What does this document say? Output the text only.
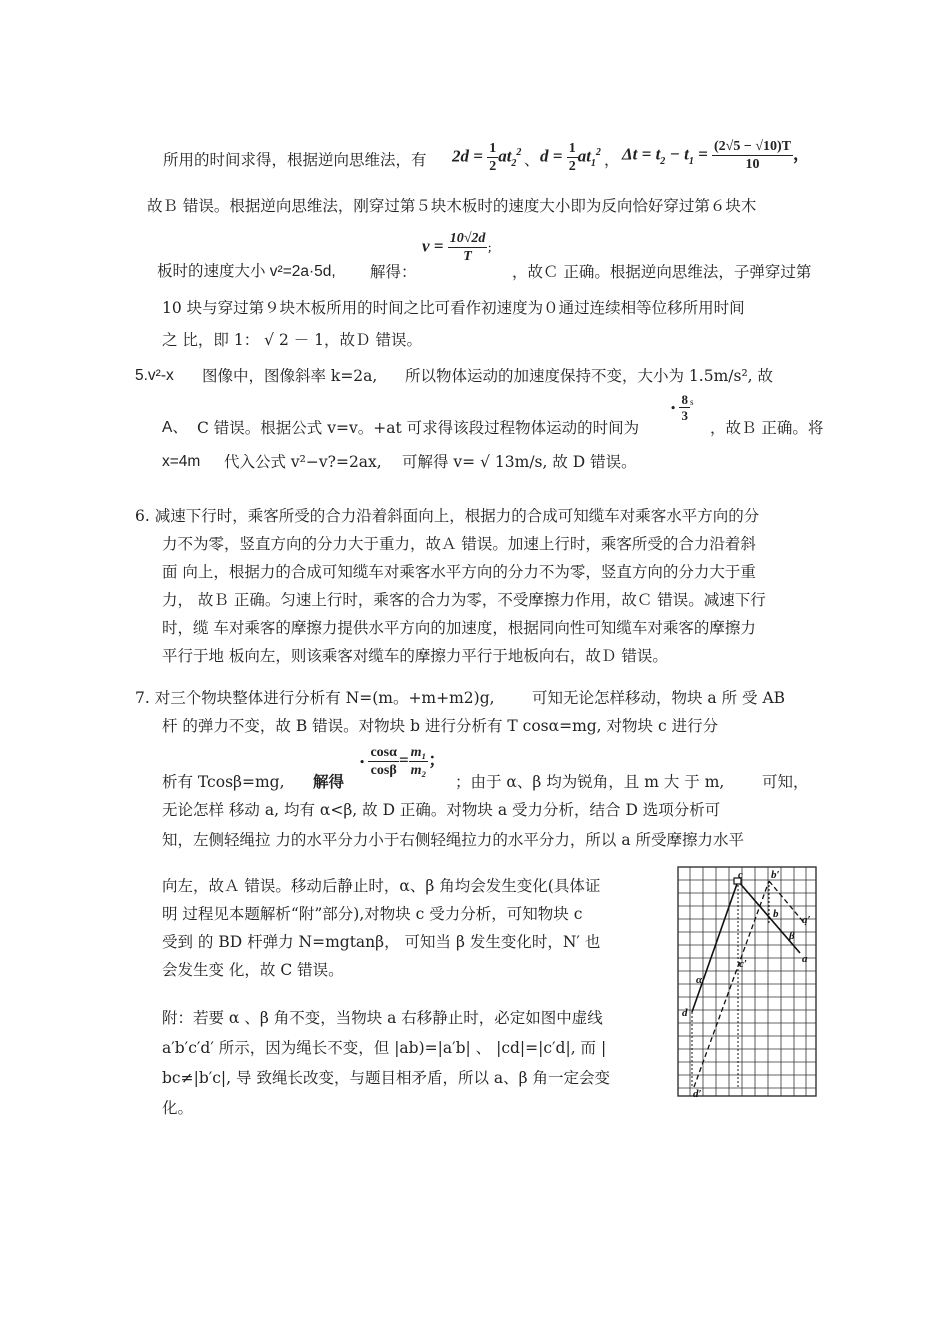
所用的时间求得，根据逆向思维法，有 $2d = \frac{1}{2} at_2^2$ 、 $d = \frac{1}{2} at_1^2$ ， $\Delta t = t_2 - t_1 = \frac{(2√5 - √10)T}{10}$ ，
故Ｂ 错误。根据逆向思维法，刚穿过第５块木板时的速度大小即为反向恰好穿过第６块木
板时的速度大小 v²=2a·5d, 解得：
$v = \frac{10√2d}{T}$ ；
，故Ｃ 正确。根据逆向思维法，子弹穿过第
10 块与穿过第９块木板所用的时间之比可看作初速度为０通过连续相等位移所用时间
之 比，即 1： √ 2 － 1，故Ｄ 错误。
5.v²-x 图像中，图像斜率 k=2a, 所以物体运动的加速度保持不变，大小为 1.5m/s², 故
A、 C 错误。根据公式 v=v。+at 可求得该段过程物体运动的时间为
• $\frac{8}{3} ^s$
，故Ｂ 正确。将
x=4m 代入公式 v²−v?=2ax, 可解得 v= √ 13m/s, 故 D 错误。
6. 减速下行时，乘客所受的合力沿着斜面向上，根据力的合成可知缆车对乘客水平方向的分
力不为零，竖直方向的分力大于重力，故Ａ 错误。加速上行时，乘客所受的合力沿着斜
面 向上，根据力的合成可知缆车对乘客水平方向的分力不为零，竖直方向的分力大于重
力， 故Ｂ 正确。匀速上行时，乘客的合力为零，不受摩擦力作用，故Ｃ 错误。减速下行
时，缆 车对乘客的摩擦力提供水平方向的加速度，根据同向性可知缆车对乘客的摩擦力
平行于地 板向左，则该乘客对缆车的摩擦力平行于地板向右，故Ｄ 错误。
7. 对三个物块整体进行分析有 N=(m。+m+m2)g, 可知无论怎样移动，物块 a 所 受 AB
杆 的弹力不变，故 B 错误。对物块 b 进行分析有 T cosα=mg, 对物块 c 进行分
析有 Tcosβ=mg, 解得
• $\frac{\cos\alpha}{\cos\beta} = \frac{\text{m₁}}{\text{m₂}}$ ；
；由于 α、β 均为锐角，且 m 大 于 m, 可知，
无论怎样 移动 a, 均有 α<β, 故 D 正确。对物块 a 受力分析，结合 D 选项分析可
知，左侧轻绳拉 力的水平分力小于右侧轻绳拉力的水平分力，所以 a 所受摩擦力水平
向左，故Ａ 错误。移动后静止时，α、β 角均会发生变化(具体证
明 过程见本题解析“附”部分),对物块 c 受力分析，可知物块 c
受到 的 BD 杆弹力 N=mgtanβ， 可知当 β 发生变化时，N′ 也
会发生变 化，故 C 错误。
附：若要 α 、β 角不变，当物块 a 右移静止时，必定如图中虚线
a′b′c′d′ 所示，因为绳长不变，但 |ab)=|a′b| 、 |cd|=|c′d|, 而 |
bc≠|b′c|, 导 致绳长改变，与题目相矛盾，所以 a、β 角一定会变
化。
c	b′
b a′
β
a
α
c′
d
d′
